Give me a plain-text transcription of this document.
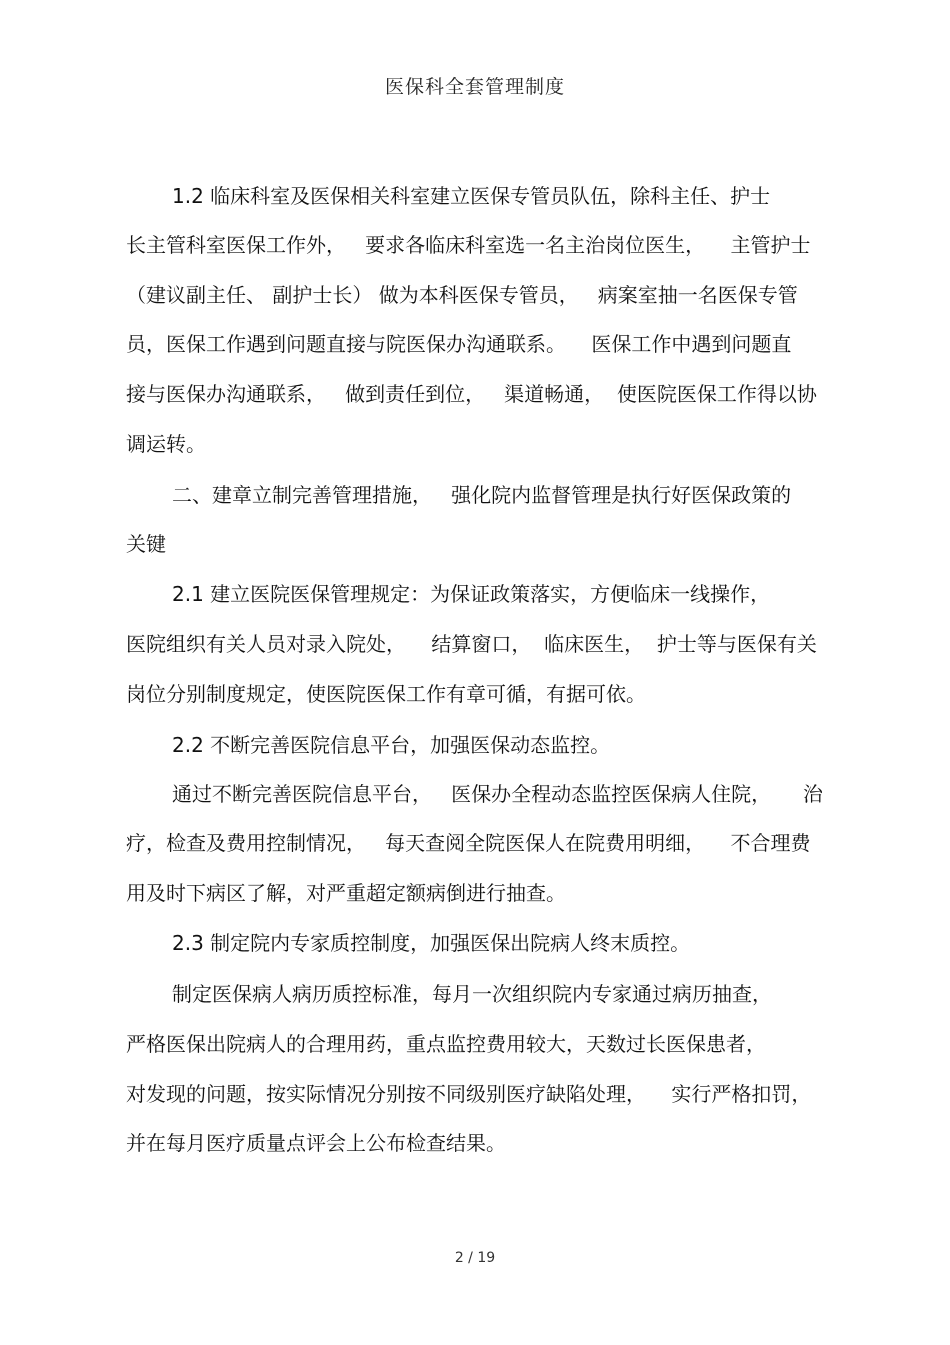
医保科全套管理制度
1.2 临床科室及医保相关科室建立医保专管员队伍，除科主任、护士
长主管科室医保工作外，   要求各临床科室选一名主治岗位医生，    主管护士
（建议副主任、 副护士长） 做为本科医保专管员，   病案室抽一名医保专管
员，医保工作遇到问题直接与院医保办沟通联系。    医保工作中遇到问题直
接与医保办沟通联系，   做到责任到位，   渠道畅通，  使医院医保工作得以协
调运转。
二、建章立制完善管理措施，   强化院内监督管理是执行好医保政策的
关键
2.1 建立医院医保管理规定：为保证政策落实，方便临床一线操作，
医院组织有关人员对录入院处，    结算窗口，  临床医生，  护士等与医保有关
岗位分别制度规定，使医院医保工作有章可循，有据可依。
2.2 不断完善医院信息平台，加强医保动态监控。
通过不断完善医院信息平台，   医保办全程动态监控医保病人住院，     治
疗，检查及费用控制情况，   每天查阅全院医保人在院费用明细，    不合理费
用及时下病区了解，对严重超定额病倒进行抽查。
2.3 制定院内专家质控制度，加强医保出院病人终末质控。
制定医保病人病历质控标准，每月一次组织院内专家通过病历抽查，
严格医保出院病人的合理用药，重点监控费用较大，天数过长医保患者，
对发现的问题，按实际情况分别按不同级别医疗缺陷处理，    实行严格扣罚，
并在每月医疗质量点评会上公布检查结果。
2 / 19
